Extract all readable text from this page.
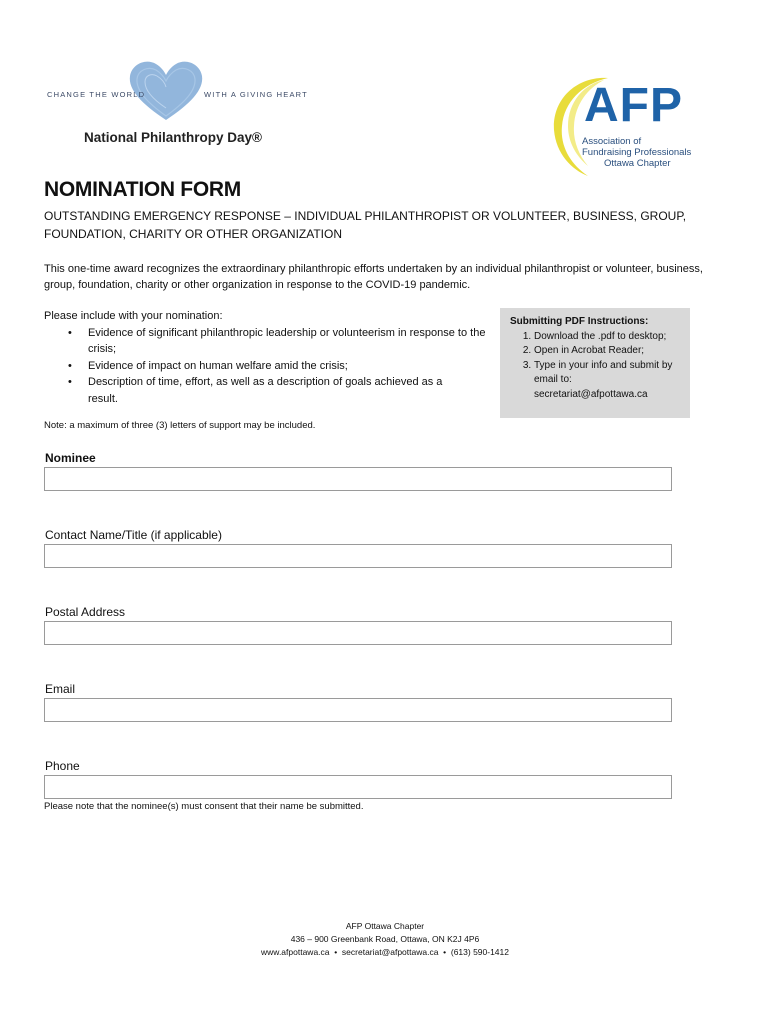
CHANGE THE WORLD	WITH A GIVING HEART
National Philanthropy Day®
AFP
Association of
Fundraising Professionals
Ottawa Chapter
NOMINATION FORM
OUTSTANDING EMERGENCY RESPONSE – INDIVIDUAL PHILANTHROPIST OR VOLUNTEER, BUSINESS, GROUP, FOUNDATION, CHARITY OR OTHER ORGANIZATION
This one-time award recognizes the extraordinary philanthropic efforts undertaken by an individual philanthropist or volunteer, business, group, foundation, charity or other organization in response to the COVID-19 pandemic.
Please include with your nomination:
• Evidence of significant philanthropic leadership or volunteerism in response to the crisis;
• Evidence of impact on human welfare amid the crisis;
• Description of time, effort, as well as a description of goals achieved as a result.
Submitting PDF Instructions:
1. Download the .pdf to desktop;
2. Open in Acrobat Reader;
3. Type in your info and submit by email to: secretariat@afpottawa.ca
Note: a maximum of three (3) letters of support may be included.
Nominee
Contact Name/Title (if applicable)
Postal Address
Email
Phone
Please note that the nominee(s) must consent that their name be submitted.
AFP Ottawa Chapter
436 – 900 Greenbank Road, Ottawa, ON K2J 4P6
www.afpottawa.ca  •  secretariat@afpottawa.ca  •  (613) 590-1412
